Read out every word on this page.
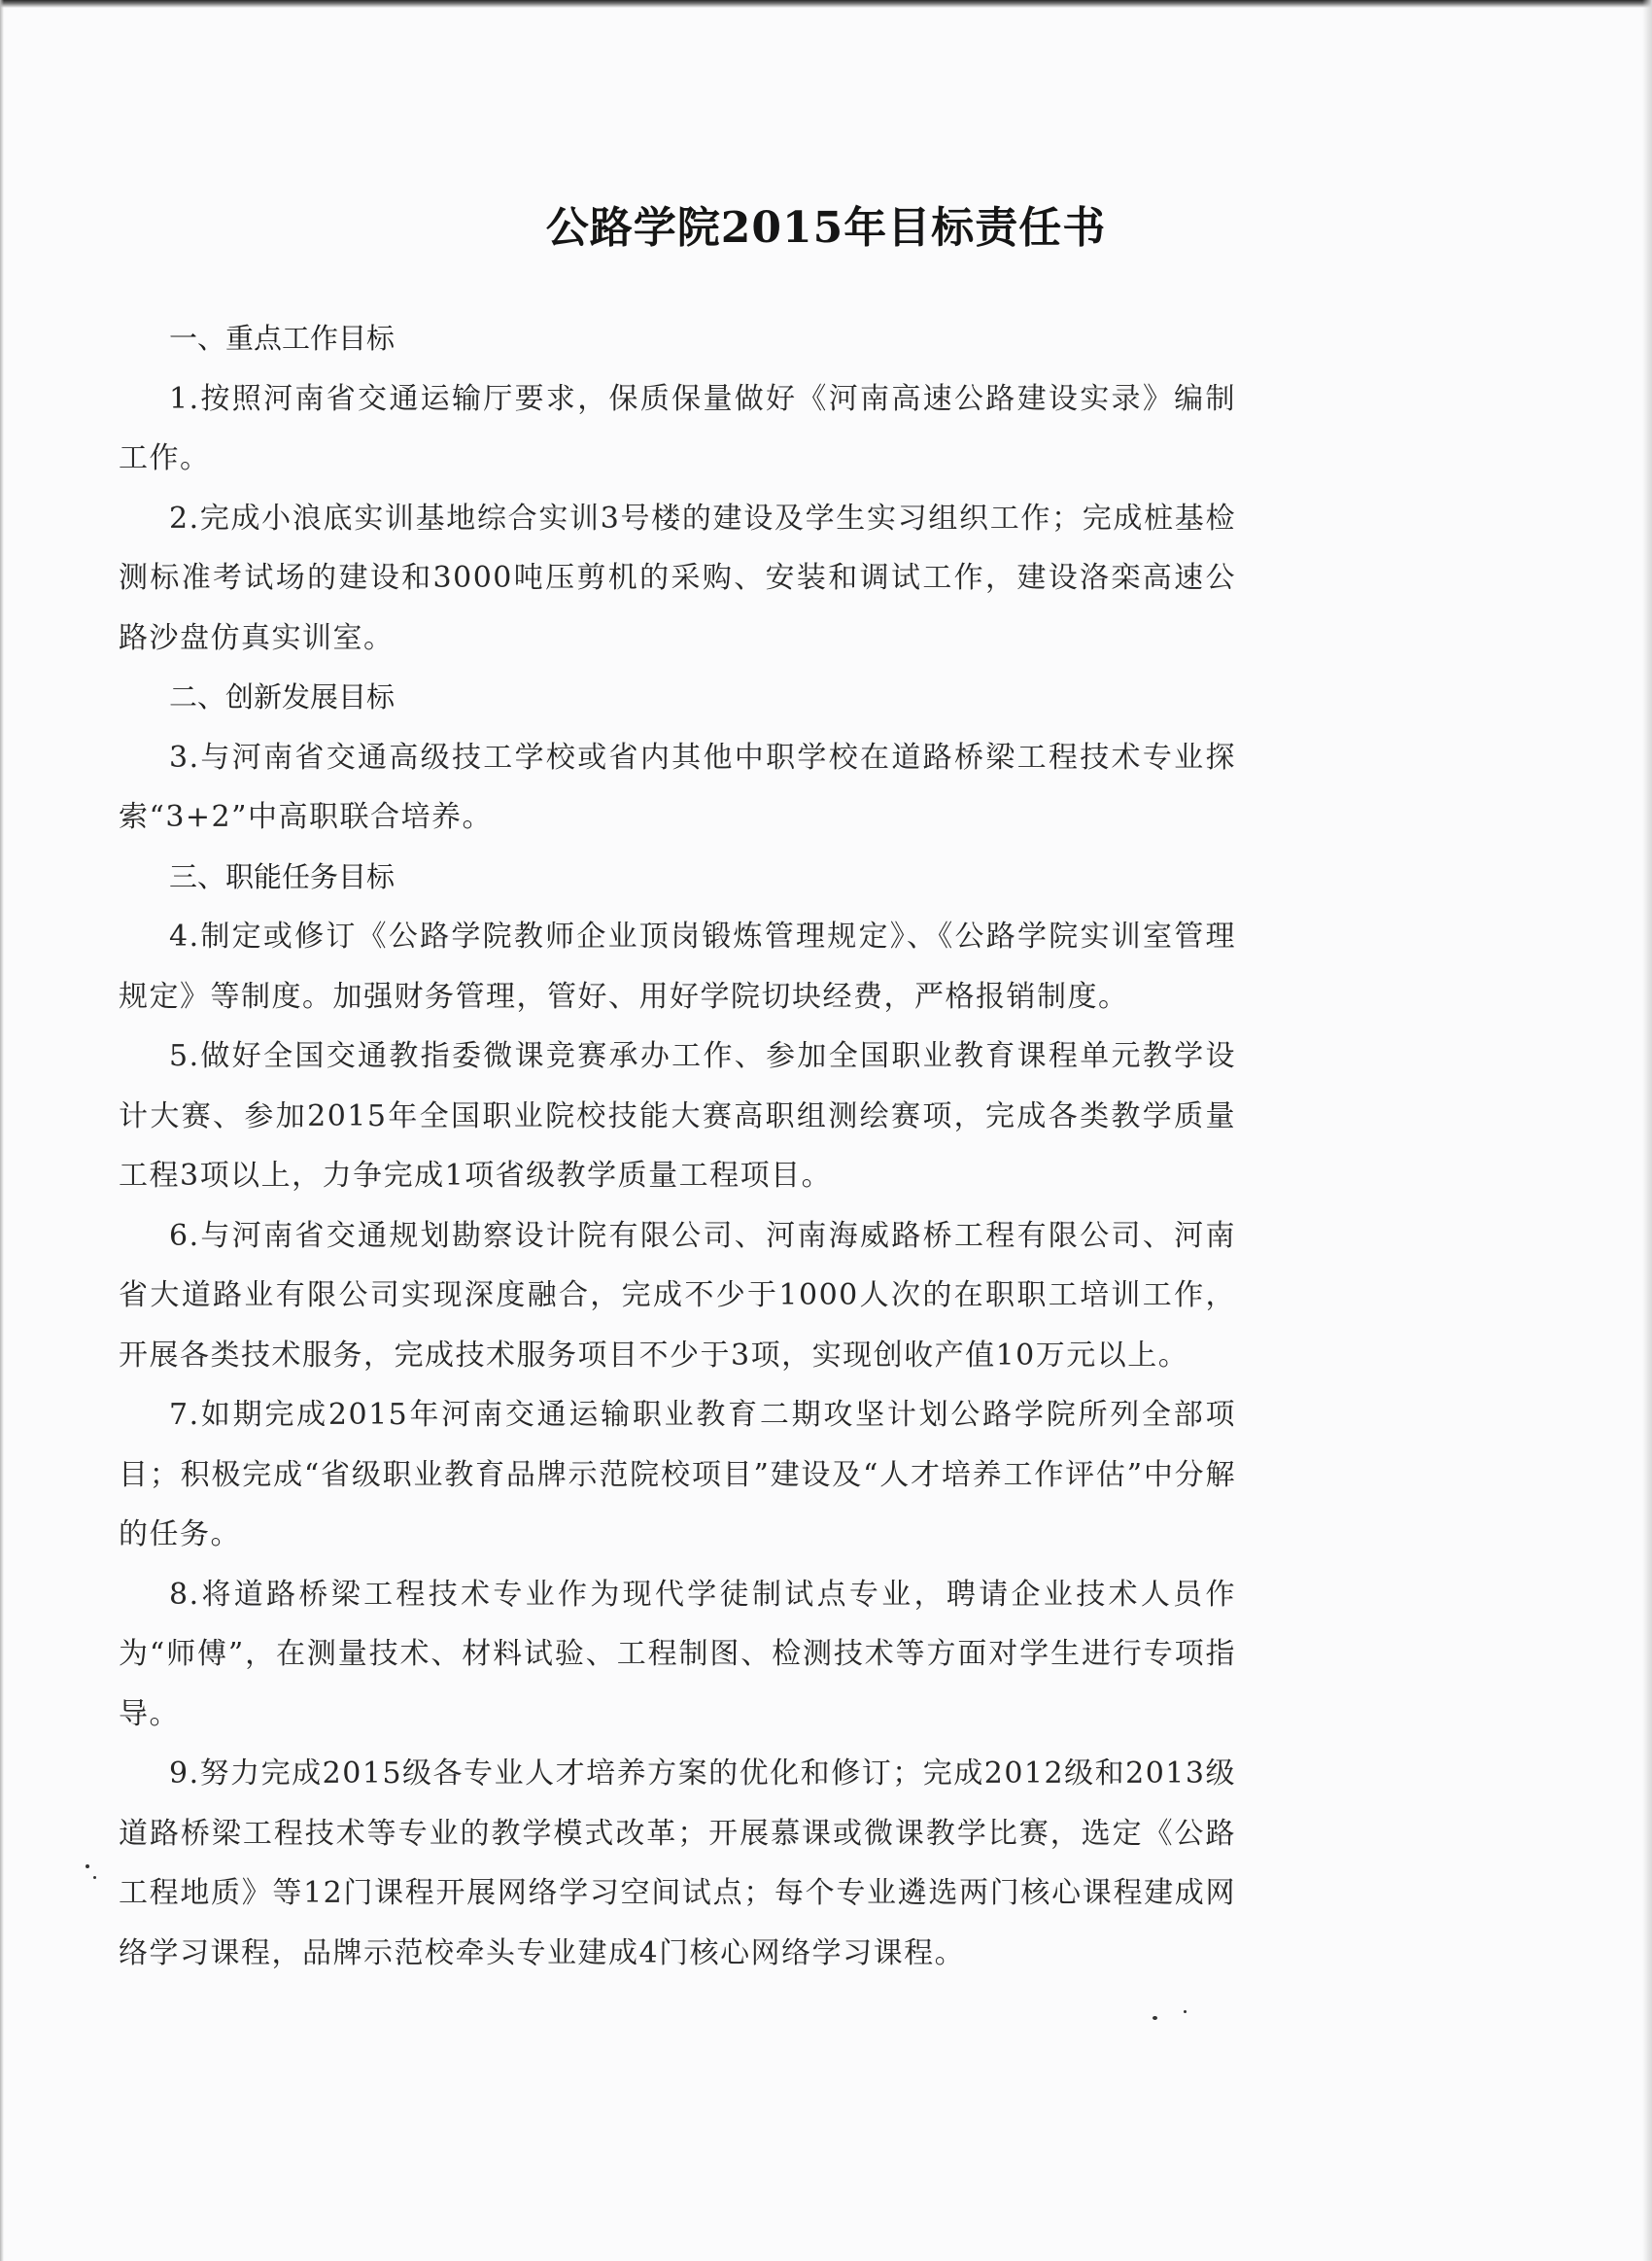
公路学院2015年目标责任书

一、重点工作目标

1.按照河南省交通运输厅要求，保质保量做好《河南高速公路建设实录》编制工作。

2.完成小浪底实训基地综合实训3号楼的建设及学生实习组织工作；完成桩基检测标准考试场的建设和3000吨压剪机的采购、安装和调试工作，建设洛栾高速公路沙盘仿真实训室。

二、创新发展目标

3.与河南省交通高级技工学校或省内其他中职学校在道路桥梁工程技术专业探索“3+2”中高职联合培养。

三、职能任务目标

4.制定或修订《公路学院教师企业顶岗锻炼管理规定》、《公路学院实训室管理规定》等制度。加强财务管理，管好、用好学院切块经费，严格报销制度。

5.做好全国交通教指委微课竞赛承办工作、参加全国职业教育课程单元教学设计大赛、参加2015年全国职业院校技能大赛高职组测绘赛项，完成各类教学质量工程3项以上，力争完成1项省级教学质量工程项目。

6.与河南省交通规划勘察设计院有限公司、河南海威路桥工程有限公司、河南省大道路业有限公司实现深度融合，完成不少于1000人次的在职职工培训工作，开展各类技术服务，完成技术服务项目不少于3项，实现创收产值10万元以上。

7.如期完成2015年河南交通运输职业教育二期攻坚计划公路学院所列全部项目；积极完成“省级职业教育品牌示范院校项目”建设及“人才培养工作评估”中分解的任务。

8.将道路桥梁工程技术专业作为现代学徒制试点专业，聘请企业技术人员作为“师傅”，在测量技术、材料试验、工程制图、检测技术等方面对学生进行专项指导。

9.努力完成2015级各专业人才培养方案的优化和修订；完成2012级和2013级道路桥梁工程技术等专业的教学模式改革；开展慕课或微课教学比赛，选定《公路工程地质》等12门课程开展网络学习空间试点；每个专业遴选两门核心课程建成网络学习课程，品牌示范校牵头专业建成4门核心网络学习课程。
